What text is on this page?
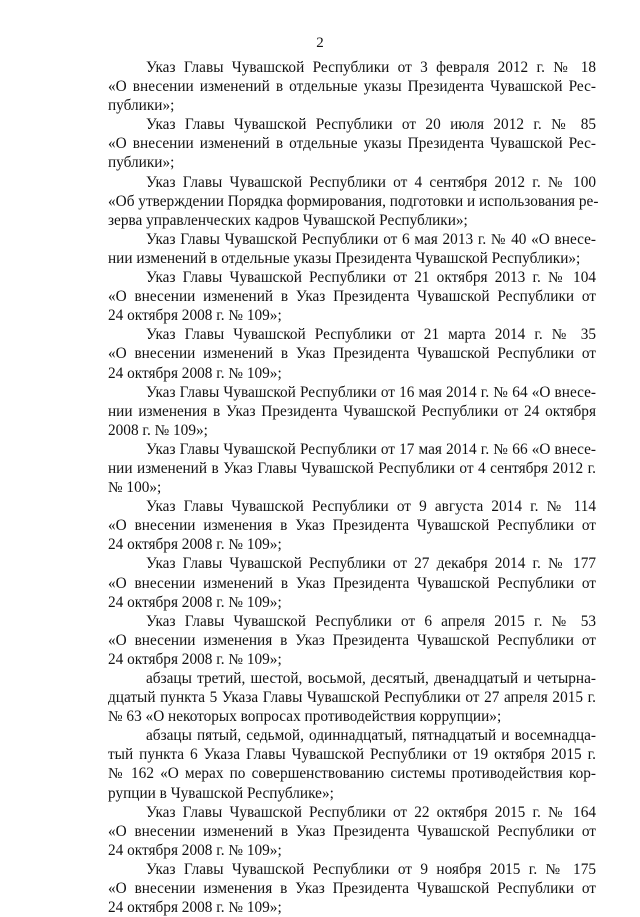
2
Указ Главы Чувашской Республики от 3 февраля 2012 г. № 18
«О внесении изменений в отдельные указы Президента Чувашской Рес-
публики»;
Указ Главы Чувашской Республики от 20 июля 2012 г. № 85
«О внесении изменений в отдельные указы Президента Чувашской Рес-
публики»;
Указ Главы Чувашской Республики от 4 сентября 2012 г. № 100
«Об утверждении Порядка формирования, подготовки и использования ре-
зерва управленческих кадров Чувашской Республики»;
Указ Главы Чувашской Республики от 6 мая 2013 г. № 40 «О внесе-
нии изменений в отдельные указы Президента Чувашской Республики»;
Указ Главы Чувашской Республики от 21 октября 2013 г. № 104
«О внесении изменений в Указ Президента Чувашской Республики от
24 октября 2008 г. № 109»;
Указ Главы Чувашской Республики от 21 марта 2014 г. № 35
«О внесении изменений в Указ Президента Чувашской Республики от
24 октября 2008 г. № 109»;
Указ Главы Чувашской Республики от 16 мая 2014 г. № 64 «О внесе-
нии изменения в Указ Президента Чувашской Республики от 24 октября
2008 г. № 109»;
Указ Главы Чувашской Республики от 17 мая 2014 г. № 66 «О внесе-
нии изменений в Указ Главы Чувашской Республики от 4 сентября 2012 г.
№ 100»;
Указ Главы Чувашской Республики от 9 августа 2014 г. № 114
«О внесении изменения в Указ Президента Чувашской Республики от
24 октября 2008 г. № 109»;
Указ Главы Чувашской Республики от 27 декабря 2014 г. № 177
«О внесении изменений в Указ Президента Чувашской Республики от
24 октября 2008 г. № 109»;
Указ Главы Чувашской Республики от 6 апреля 2015 г. № 53
«О внесении изменения в Указ Президента Чувашской Республики от
24 октября 2008 г. № 109»;
абзацы третий, шестой, восьмой, десятый, двенадцатый и четырна-
дцатый пункта 5 Указа Главы Чувашской Республики от 27 апреля 2015 г.
№ 63 «О некоторых вопросах противодействия коррупции»;
абзацы пятый, седьмой, одиннадцатый, пятнадцатый и восемнадца-
тый пункта 6 Указа Главы Чувашской Республики от 19 октября 2015 г.
№ 162 «О мерах по совершенствованию системы противодействия кор-
рупции в Чувашской Республике»;
Указ Главы Чувашской Республики от 22 октября 2015 г. № 164
«О внесении изменений в Указ Президента Чувашской Республики от
24 октября 2008 г. № 109»;
Указ Главы Чувашской Республики от 9 ноября 2015 г. № 175
«О внесении изменения в Указ Президента Чувашской Республики от
24 октября 2008 г. № 109»;
